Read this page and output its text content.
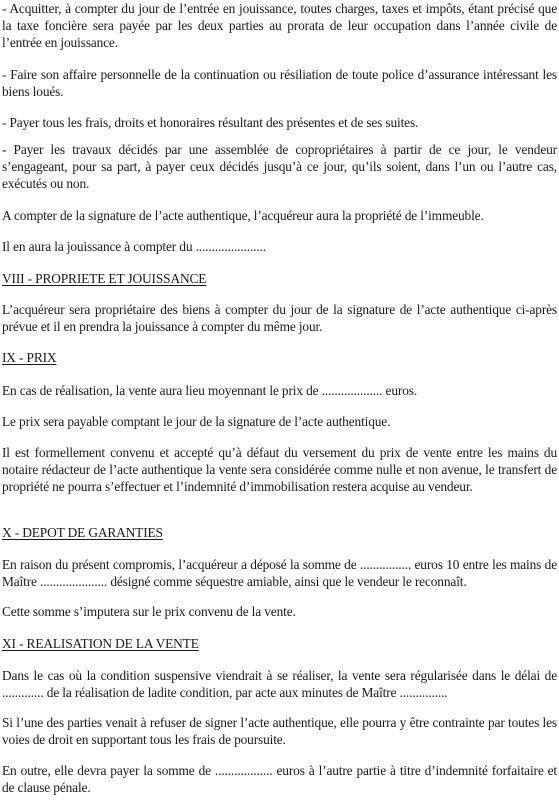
- Acquitter, à compter du jour de l’entrée en jouissance, toutes charges, taxes et impôts, étant précisé que la taxe foncière sera payée par les deux parties au prorata de leur occupation dans l’année civile de l’entrée en jouissance.

- Faire son affaire personnelle de la continuation ou résiliation de toute police d’assurance intéressant les biens loués.

- Payer tous les frais, droits et honoraires résultant des présentes et de ses suites.

- Payer les travaux décidés par une assemblée de copropriétaires à partir de ce jour, le vendeur s’engageant, pour sa part, à payer ceux décidés jusqu’à ce jour, qu’ils soient, dans l’un ou l’autre cas, exécutés ou non.

A compter de la signature de l’acte authentique, l’acquéreur aura la propriété de l’immeuble.

Il en aura la jouissance à compter du ......................

VIII - PROPRIETE ET JOUISSANCE

L’acquéreur sera propriétaire des biens à compter du jour de la signature de l’acte authentique ci-après prévue et il en prendra la jouissance à compter du même jour.

IX - PRIX

En cas de réalisation, la vente aura lieu moyennant le prix de ................... euros.

Le prix sera payable comptant le jour de la signature de l’acte authentique.

Il est formellement convenu et accepté qu’à défaut du versement du prix de vente entre les mains du notaire rédacteur de l’acte authentique la vente sera considérée comme nulle et non avenue, le transfert de propriété ne pourra s’effectuer et l’indemnité d’immobilisation restera acquise au vendeur.

X - DEPOT DE GARANTIES

En raison du présent compromis, l’acquéreur a déposé la somme de ................ euros 10 entre les mains de Maître ..................... désigné comme séquestre amiable, ainsi que le vendeur le reconnaît.

Cette somme s’imputera sur le prix convenu de la vente.

XI - REALISATION DE LA VENTE

Dans le cas où la condition suspensive viendrait à se réaliser, la vente sera régularisée dans le délai de ............. de la réalisation de ladite condition, par acte aux minutes de Maître ...............

Si l’une des parties venait à refuser de signer l’acte authentique, elle pourra y être contrainte par toutes les voies de droit en supportant tous les frais de poursuite.

En outre, elle devra payer la somme de .................. euros à l’autre partie à titre d’indemnité forfaitaire et de clause pénale.
